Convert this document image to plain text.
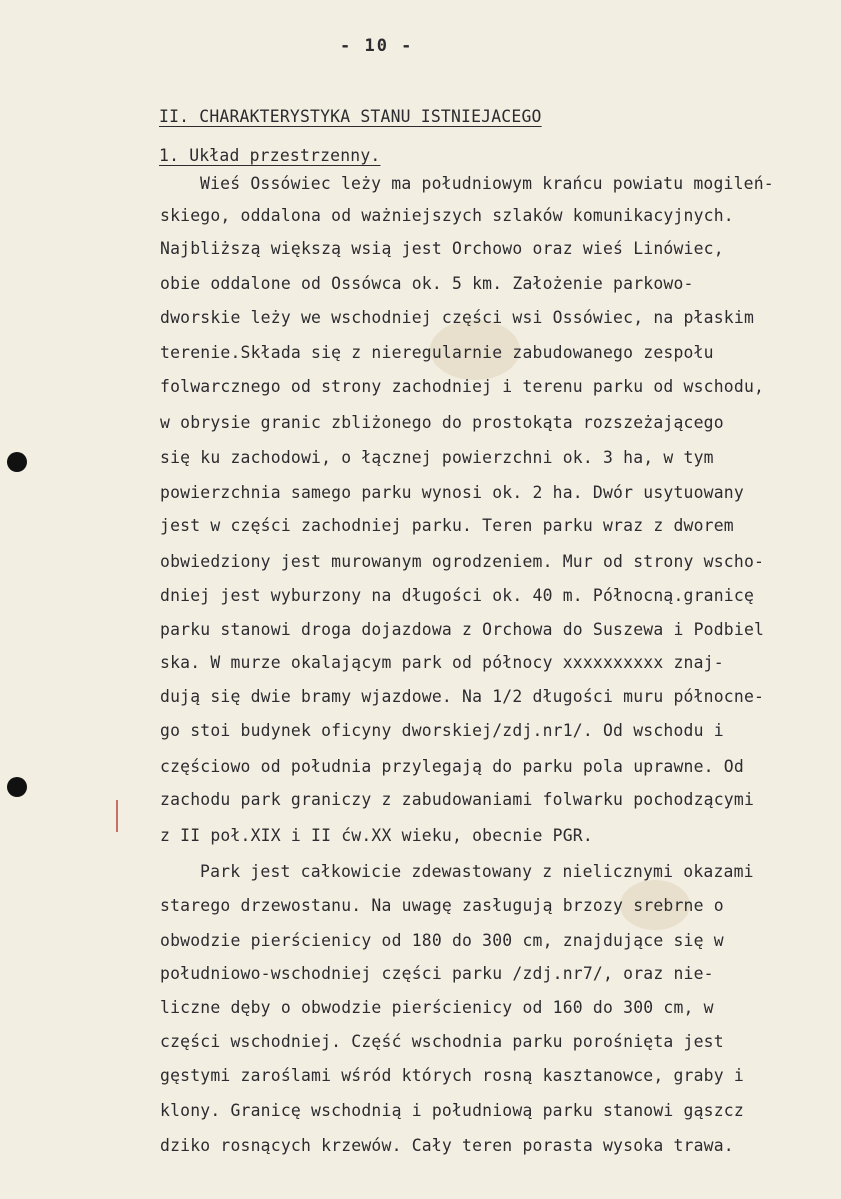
- 10 -
II. CHARAKTERYSTYKA STANU ISTNIEJACEGO
1. Układ przestrzenny.
Wieś Ossówiec leży ma południowym krańcu powiatu mogileń-
skiego, oddalona od ważniejszych szlaków komunikacyjnych.
Najbliższą większą wsią jest Orchowo oraz wieś Linówiec,
obie oddalone od Ossówca ok. 5 km. Założenie parkowo-
dworskie leży we wschodniej części wsi Ossówiec, na płaskim
terenie.Składa się z nieregularnie zabudowanego zespołu
folwarcznego od strony zachodniej i terenu parku od wschodu,
w obrysie granic zbliżonego do prostokąta rozszeżającego
się ku zachodowi, o łącznej powierzchni ok. 3 ha, w tym
powierzchnia samego parku wynosi ok. 2 ha. Dwór usytuowany
jest w części zachodniej parku. Teren parku wraz z dworem
obwiedziony jest murowanym ogrodzeniem. Mur od strony wscho-
dniej jest wyburzony na długości ok. 40 m. Północną.granicę
parku stanowi droga dojazdowa z Orchowa do Suszewa i Podbiel
ska. W murze okalającym park od północy xxxxxxxxxx znaj-
dują się dwie bramy wjazdowe. Na 1/2 długości muru północne-
go stoi budynek oficyny dworskiej/zdj.nr1/. Od wschodu i
częściowo od południa przylegają do parku pola uprawne. Od
zachodu park graniczy z zabudowaniami folwarku pochodzącymi
z II poł.XIX i II ćw.XX wieku, obecnie PGR.
Park jest całkowicie zdewastowany z nielicznymi okazami
starego drzewostanu. Na uwagę zasługują brzozy srebrne o
obwodzie pierścienicy od 180 do 300 cm, znajdujące się w
południowo-wschodniej części parku /zdj.nr7/, oraz nie-
liczne dęby o obwodzie pierścienicy od 160 do 300 cm, w
części wschodniej. Część wschodnia parku porośnięta jest
gęstymi zaroślami wśród których rosną kasztanowce, graby i
klony. Granicę wschodnią i południową parku stanowi gąszcz
dziko rosnących krzewów. Cały teren porasta wysoka trawa.
